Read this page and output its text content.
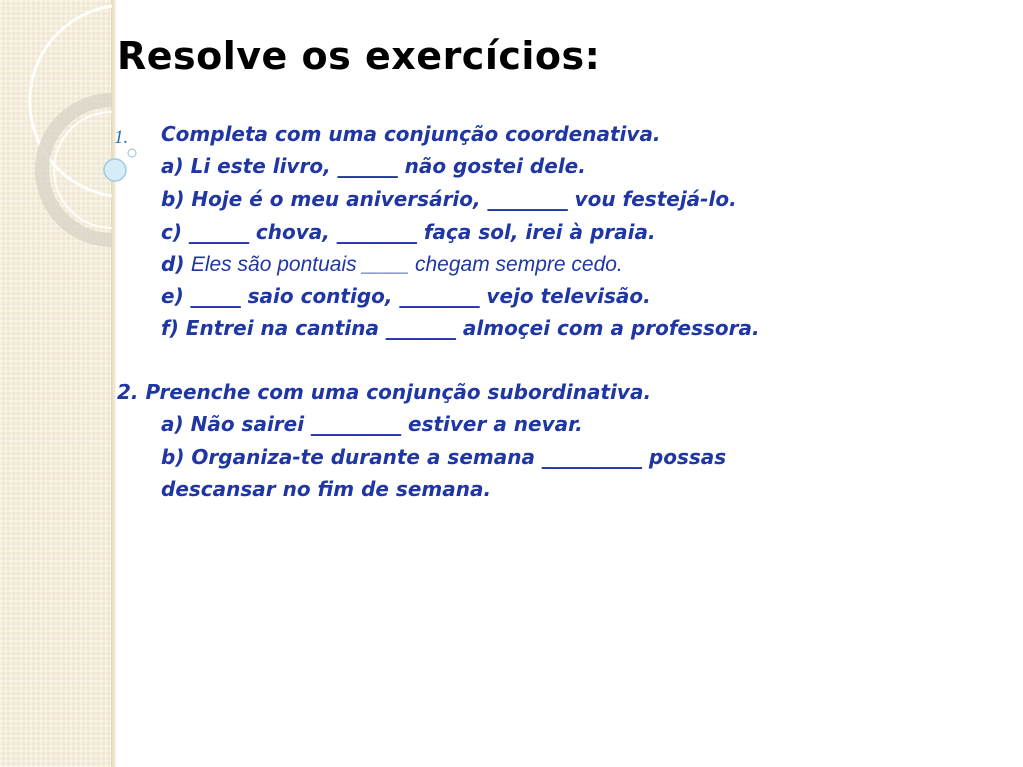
Resolve os exercícios:
1. Completa com uma conjunção coordenativa.

a) Li este livro, ______ não gostei dele.

b) Hoje é o meu aniversário, ________ vou festejá-lo.

c) ______ chova, ________ faça sol, irei à praia.

d) Eles são pontuais ____ chegam sempre cedo.

e) _____ saio contigo, ________ vejo televisão.

f) Entrei na cantina _______ almoçei com a professora.

2. Preenche com uma conjunção subordinativa.

a) Não sairei _________ estiver a nevar.

b) Organiza-te durante a semana __________ possas

descansar no fim de semana.
